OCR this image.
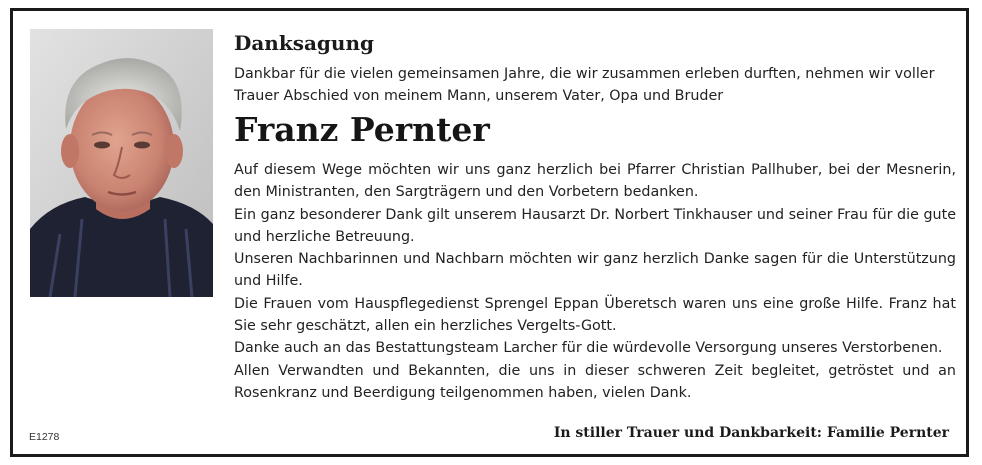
Danksagung
Dankbar für die vielen gemeinsamen Jahre, die wir zusammen erleben durften, nehmen wir voller Trauer Abschied von meinem Mann, unserem Vater, Opa und Bruder
Franz Pernter

Auf diesem Wege möchten wir uns ganz herzlich bei Pfarrer Christian Pallhuber, bei der Mesnerin, den Ministranten, den Sargträgern und den Vorbetern bedanken.

Ein ganz besonderer Dank gilt unserem Hausarzt Dr. Norbert Tinkhauser und seiner Frau für die gute und herzliche Betreuung.

Unseren Nachbarinnen und Nachbarn möchten wir ganz herzlich Danke sagen für die Unterstützung und Hilfe.

Die Frauen vom Hauspflegedienst Sprengel Eppan Überetsch waren uns eine große Hilfe. Franz hat Sie sehr geschätzt, allen ein herzliches Vergelts-Gott.

Danke auch an das Bestattungsteam Larcher für die würdevolle Versorgung unseres Verstorbenen.

Allen Verwandten und Bekannten, die uns in dieser schweren Zeit begleitet, getröstet und an Rosenkranz und Beerdigung teilgenommen haben, vielen Dank.

E1278	In stiller Trauer und Dankbarkeit: Familie Pernter
